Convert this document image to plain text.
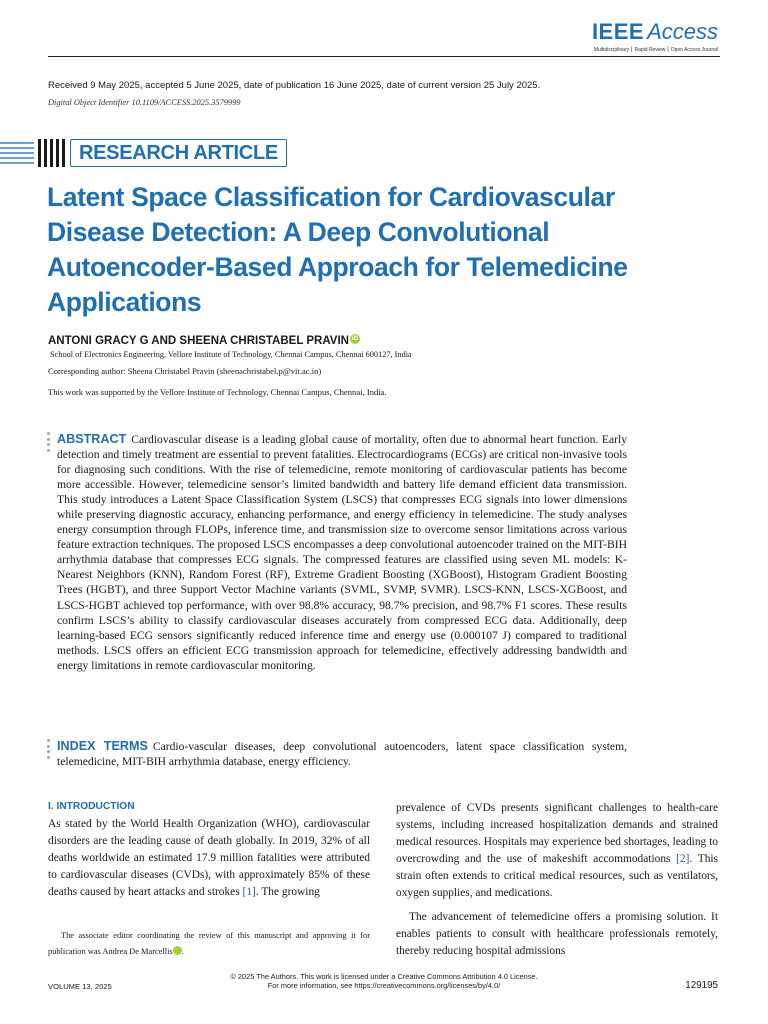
IEEE Access
Multidisciplinary ⎮ Rapid Review ⎮ Open Access Journal
Received 9 May 2025, accepted 5 June 2025, date of publication 16 June 2025, date of current version 25 July 2025.
Digital Object Identifier 10.1109/ACCESS.2025.3579999
RESEARCH ARTICLE
Latent Space Classification for Cardiovascular Disease Detection: A Deep Convolutional Autoencoder-Based Approach for Telemedicine Applications
ANTONI GRACY G AND SHEENA CHRISTABEL PRAVIN iD
School of Electronics Engineering, Vellore Institute of Technology, Chennai Campus, Chennai 600127, India
Corresponding author: Sheena Christabel Pravin (sheenachristabel.p@vit.ac.in)
This work was supported by the Vellore Institute of Technology, Chennai Campus, Chennai, India.

ABSTRACT Cardiovascular disease is a leading global cause of mortality, often due to abnormal heart function. Early detection and timely treatment are essential to prevent fatalities. Electrocardiograms (ECGs) are critical non-invasive tools for diagnosing such conditions. With the rise of telemedicine, remote monitoring of cardiovascular patients has become more accessible. However, telemedicine sensor’s limited bandwidth and battery life demand efficient data transmission. This study introduces a Latent Space Classification System (LSCS) that compresses ECG signals into lower dimensions while preserving diagnostic accuracy, enhancing performance, and energy efficiency in telemedicine. The study analyses energy consumption through FLOPs, inference time, and transmission size to overcome sensor limitations across various feature extraction techniques. The proposed LSCS encompasses a deep convolutional autoencoder trained on the MIT-BIH arrhythmia database that compresses ECG signals. The compressed features are classified using seven ML models: K-Nearest Neighbors (KNN), Random Forest (RF), Extreme Gradient Boosting (XGBoost), Histogram Gradient Boosting Trees (HGBT), and three Support Vector Machine variants (SVML, SVMP, SVMR). LSCS-KNN, LSCS-XGBoost, and LSCS-HGBT achieved top performance, with over 98.8% accuracy, 98.7% precision, and 98.7% F1 scores. These results confirm LSCS’s ability to classify cardiovascular diseases accurately from compressed ECG data. Additionally, deep learning-based ECG sensors significantly reduced inference time and energy use (0.000107 J) compared to traditional methods. LSCS offers an efficient ECG transmission approach for telemedicine, effectively addressing bandwidth and energy limitations in remote cardiovascular monitoring.

INDEX TERMS Cardio-vascular diseases, deep convolutional autoencoders, latent space classification system, telemedicine, MIT-BIH arrhythmia database, energy efficiency.

I. INTRODUCTION

As stated by the World Health Organization (WHO), cardiovascular disorders are the leading cause of death globally. In 2019, 32% of all deaths worldwide an estimated 17.9 million fatalities were attributed to cardiovascular diseases (CVDs), with approximately 85% of these deaths caused by heart attacks and strokes [1]. The growing

prevalence of CVDs presents significant challenges to health-care systems, including increased hospitalization demands and strained medical resources. Hospitals may experience bed shortages, leading to overcrowding and the use of makeshift accommodations [2]. This strain often extends to critical medical resources, such as ventilators, oxygen supplies, and medications.

The advancement of telemedicine offers a promising solution. It enables patients to consult with healthcare professionals remotely, thereby reducing hospital admissions

The associate editor coordinating the review of this manuscript and approving it for publication was Andrea De Marcellis	iD.

© 2025 The Authors. This work is licensed under a Creative Commons Attribution 4.0 License.
For more information, see https://creativecommons.org/licenses/by/4.0/
VOLUME 13, 2025	129195
